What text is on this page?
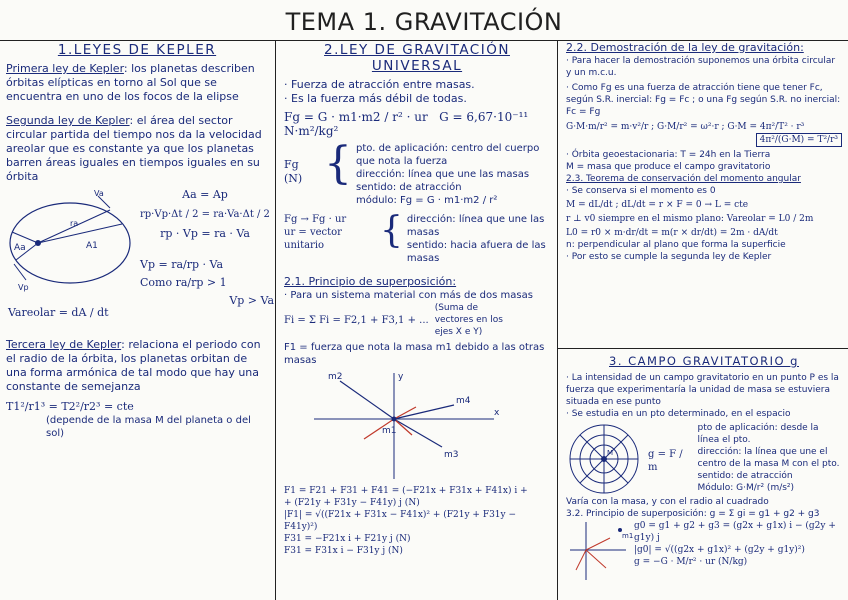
TEMA 1. GRAVITACIÓN
1.LEYES DE KEPLER

Primera ley de Kepler: los planetas describen órbitas elípticas en torno al Sol que se encuentra en uno de los focos de la elipse

Segunda ley de Kepler: el área del sector circular partida del tiempo nos da la velocidad areolar que es constante ya que los planetas barren áreas iguales en tiempos iguales en su órbita

Aa	A1
Va
Vp
ra
Aa = Ap
rp·Vp·Δt / 2 = ra·Va·Δt / 2
rp · Vp = ra · Va
Vareolar = dA / dt
Vp = ra/rp · Va
Como ra/rp > 1
Vp > Va

Tercera ley de Kepler: relaciona el periodo con el radio de la órbita, los planetas orbitan de una forma armónica de tal modo que hay una constante de semejanza

T1²/r1³ = T2²/r2³ = cte
(depende de la masa M del planeta o del sol)
2.LEY DE GRAVITACIÓN UNIVERSAL

· Fuerza de atracción entre masas.

· Es la fuerza más débil de todas.

Fg = G · m1·m2 / r² · ur G = 6,67·10⁻¹¹ N·m²/kg²
Fg (N) { pto. de aplicación: centro del cuerpo que nota la fuerza

dirección: línea que une las masas

sentido: de atracción

módulo: Fg = G · m1·m2 / r²

Fg → Fg · ur

ur = vector unitario	{ dirección: línea que une las masas

sentido: hacia afuera de las masas

2.1. Principio de superposición:

· Para un sistema material con más de dos masas

Fi = Σ Fi = F2,1 + F3,1 + ...
(Suma de vectores en los ejes X e Y)

F1 = fuerza que nota la masa m1 debido a las otras masas

m2
m1
m4
m3
x
y

F1 = F21 + F31 + F41 = (−F21x + F31x + F41x) i +

+ (F21y + F31y − F41y) j (N)

|F1| = √((F21x + F31x − F41x)² + (F21y + F31y − F41y)²)

F31 = −F21x i + F21y j (N)

F31 = F31x i − F31y j (N)

2.2. Demostración de la ley de gravitación:

· Para hacer la demostración suponemos una órbita circular y un m.c.u.

· Como Fg es una fuerza de atracción tiene que tener Fc, según S.R. inercial: Fg = Fc ; o una Fg según S.R. no inercial: Fc = Fg

G·M·m/r² = m·v²/r ; G·M/r² = ω²·r ; G·M = 4π²/T² · r³

4π²/(G·M) = T²/r³

· Órbita geoestacionaria: T = 24h en la Tierra

M = masa que produce el campo gravitatorio

2.3. Teorema de conservación del momento angular

· Se conserva si el momento es 0

M = dL/dt ; dL/dt = r × F = 0 → L = cte

r ⊥ v0 siempre en el mismo plano: Vareolar = L0 / 2m

L0 = r0 × m·dr/dt = m(r × dr/dt) = 2m · dA/dt

n: perpendicular al plano que forma la superficie

· Por esto se cumple la segunda ley de Kepler

3. CAMPO GRAVITATORIO g

· La intensidad de un campo gravitatorio en un punto P es la fuerza que experimentaría la unidad de masa se estuviera situada en ese punto

· Se estudia en un pto determinado, en el espacio

M	g = F / m

pto de aplicación: desde la línea el pto.

dirección: la línea que une el centro de la masa M con el pto.

sentido: de atracción

Módulo: G·M/r² (m/s²)

Varía con la masa, y con el radio al cuadrado

3.2. Principio de superposición: g = Σ gi = g1 + g2 + g3

m1

g0 = g1 + g2 + g3 = (g2x + g1x) i − (g2y + g1y) j

|g0| = √((g2x + g1x)² + (g2y + g1y)²)

g = −G · M/r² · ur (N/kg)
